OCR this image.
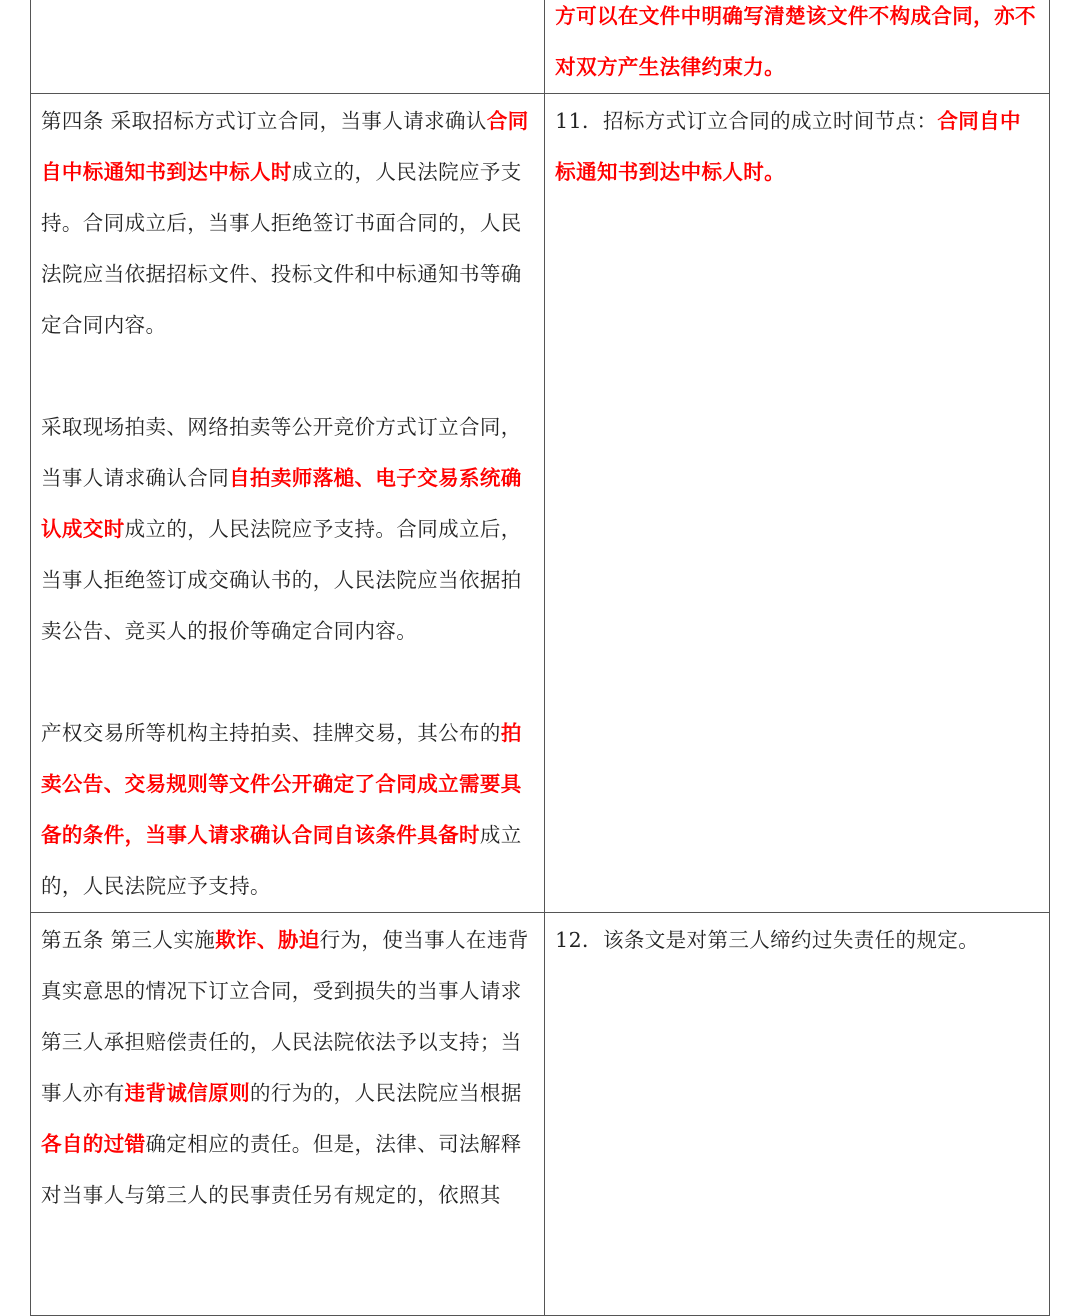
	方可以在文件中明确写清楚该文件不构成合同，亦不对双方产生法律约束力。

第四条 采取招标方式订立合同，当事人请求确认合同自中标通知书到达中标人时成立的，人民法院应予支持。合同成立后，当事人拒绝签订书面合同的，人民法院应当依据招标文件、投标文件和中标通知书等确定合同内容。

采取现场拍卖、网络拍卖等公开竞价方式订立合同，当事人请求确认合同自拍卖师落槌、电子交易系统确认成交时成立的，人民法院应予支持。合同成立后，当事人拒绝签订成交确认书的，人民法院应当依据拍卖公告、竞买人的报价等确定合同内容。

产权交易所等机构主持拍卖、挂牌交易，其公布的拍卖公告、交易规则等文件公开确定了合同成立需要具备的条件，当事人请求确认合同自该条件具备时成立的，人民法院应予支持。	11．招标方式订立合同的成立时间节点：合同自中标通知书到达中标人时。

第五条 第三人实施欺诈、胁迫行为，使当事人在违背真实意思的情况下订立合同，受到损失的当事人请求第三人承担赔偿责任的，人民法院依法予以支持；当事人亦有违背诚信原则的行为的，人民法院应当根据各自的过错确定相应的责任。但是，法律、司法解释对当事人与第三人的民事责任另有规定的，依照其	12．该条文是对第三人缔约过失责任的规定。
